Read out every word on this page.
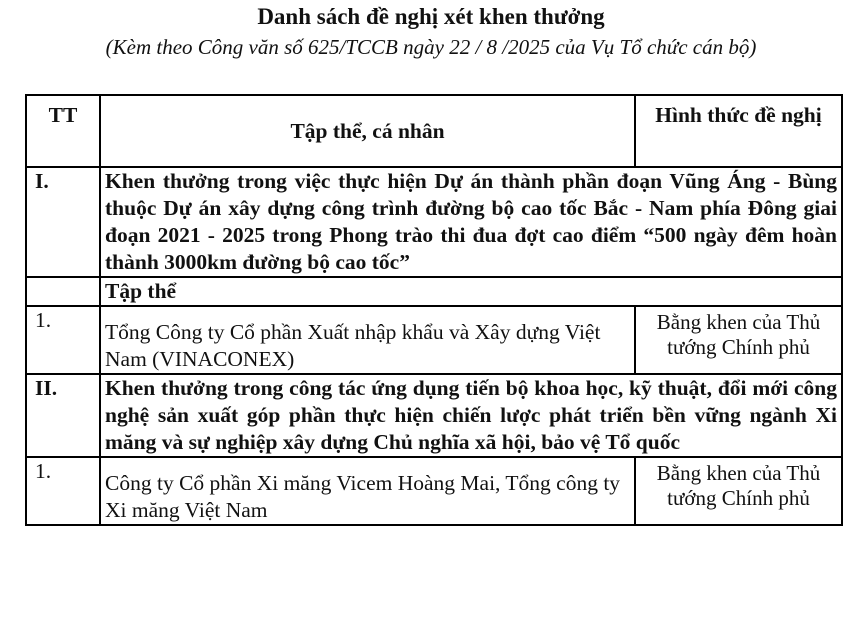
Danh sách đề nghị xét khen thưởng
(Kèm theo Công văn số 625/TCCB ngày 22 / 8 /2025 của Vụ Tổ chức cán bộ)
TT	Tập thể, cá nhân	Hình thức đề nghị
I.	Khen thưởng trong việc thực hiện Dự án thành phần đoạn Vũng Áng - Bùng thuộc Dự án xây dựng công trình đường bộ cao tốc Bắc - Nam phía Đông giai đoạn 2021 - 2025 trong Phong trào thi đua đợt cao điểm “500 ngày đêm hoàn thành 3000km đường bộ cao tốc”	
	Tập thể	
1.	Tổng Công ty Cổ phần Xuất nhập khẩu và Xây dựng Việt Nam (VINACONEX)	Bằng khen của Thủ tướng Chính phủ
II.	Khen thưởng trong công tác ứng dụng tiến bộ khoa học, kỹ thuật, đổi mới công nghệ sản xuất góp phần thực hiện chiến lược phát triển bền vững ngành Xi măng và sự nghiệp xây dựng Chủ nghĩa xã hội, bảo vệ Tổ quốc	
1.	Công ty Cổ phần Xi măng Vicem Hoàng Mai, Tổng công ty Xi măng Việt Nam	Bằng khen của Thủ tướng Chính phủ
